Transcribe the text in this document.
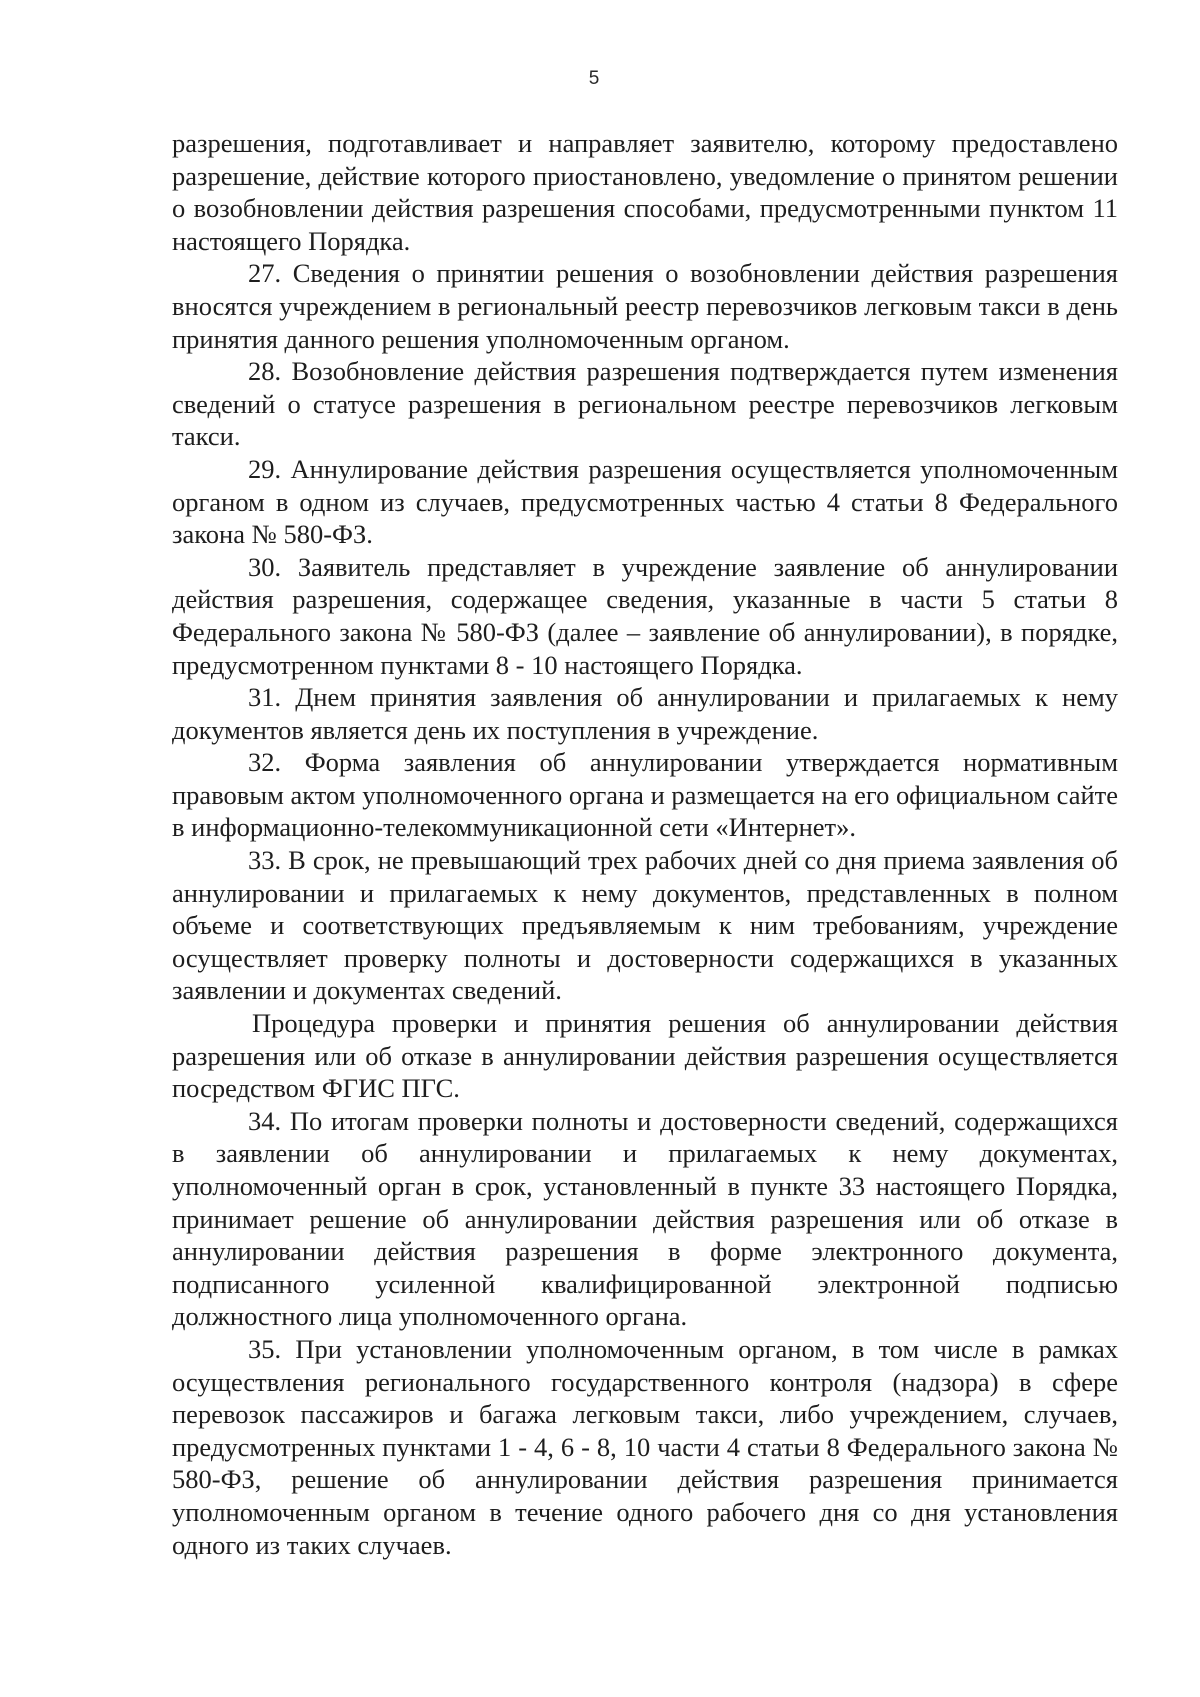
5

разрешения, подготавливает и направляет заявителю, которому предоставлено разрешение, действие которого приостановлено, уведомление о принятом решении о возобновлении действия разрешения способами, предусмотренными пунктом 11 настоящего Порядка.

27. Сведения о принятии решения о возобновлении действия разрешения вносятся учреждением в региональный реестр перевозчиков легковым такси в день принятия данного решения уполномоченным органом.

28. Возобновление действия разрешения подтверждается путем изменения сведений о статусе разрешения в региональном реестре перевозчиков легковым такси.

29. Аннулирование действия разрешения осуществляется уполномоченным органом в одном из случаев, предусмотренных частью 4 статьи 8 Федерального закона № 580-ФЗ.

30. Заявитель представляет в учреждение заявление об аннулировании действия разрешения, содержащее сведения, указанные в части 5 статьи 8 Федерального закона № 580-ФЗ (далее – заявление об аннулировании), в порядке, предусмотренном пунктами 8 - 10 настоящего Порядка.

31. Днем принятия заявления об аннулировании и прилагаемых к нему документов является день их поступления в учреждение.

32. Форма заявления об аннулировании утверждается нормативным правовым актом уполномоченного органа и размещается на его официальном сайте в информационно-телекоммуникационной сети «Интернет».

33. В срок, не превышающий трех рабочих дней со дня приема заявления об аннулировании и прилагаемых к нему документов, представленных в полном объеме и соответствующих предъявляемым к ним требованиям, учреждение осуществляет проверку полноты и достоверности содержащихся в указанных заявлении и документах сведений.

Процедура проверки и принятия решения об аннулировании действия разрешения или об отказе в аннулировании действия разрешения осуществляется посредством ФГИС ПГС.

34. По итогам проверки полноты и достоверности сведений, содержащихся в заявлении об аннулировании и прилагаемых к нему документах, уполномоченный орган в срок, установленный в пункте 33 настоящего Порядка, принимает решение об аннулировании действия разрешения или об отказе в аннулировании действия разрешения в форме электронного документа, подписанного усиленной квалифицированной электронной подписью должностного лица уполномоченного органа.

35. При установлении уполномоченным органом, в том числе в рамках осуществления регионального государственного контроля (надзора) в сфере перевозок пассажиров и багажа легковым такси, либо учреждением, случаев, предусмотренных пунктами 1 - 4, 6 - 8, 10 части 4 статьи 8 Федерального закона № 580-ФЗ, решение об аннулировании действия разрешения принимается уполномоченным органом в течение одного рабочего дня со дня установления одного из таких случаев.
